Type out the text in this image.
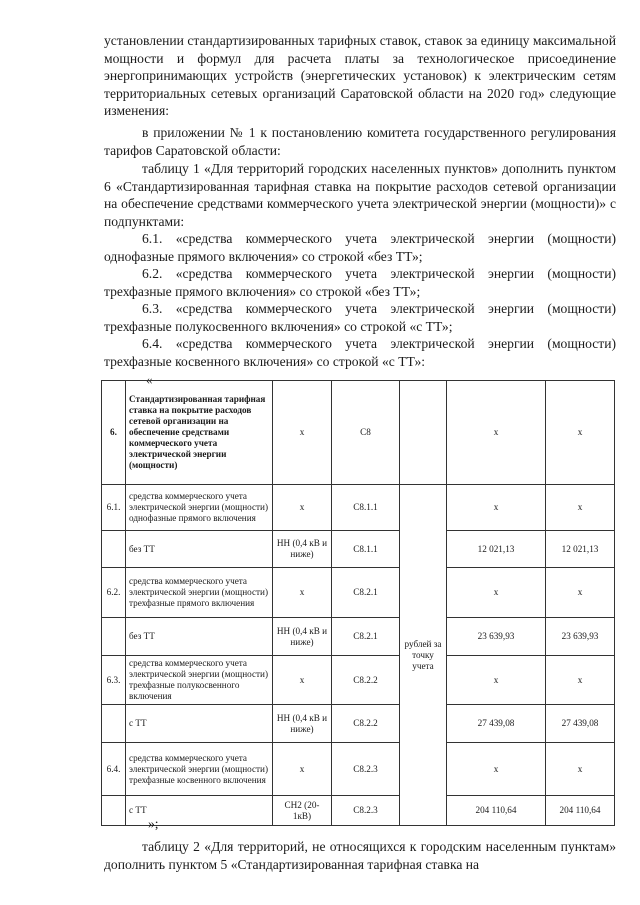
установлении стандартизированных тарифных ставок, ставок за единицу максимальной мощности и формул для расчета платы за технологическое присоединение энергопринимающих устройств (энергетических установок) к электрическим сетям территориальных сетевых организаций Саратовской области на 2020 год» следующие изменения:

в приложении № 1 к постановлению комитета государственного регулирования тарифов Саратовской области:

таблицу 1 «Для территорий городских населенных пунктов» дополнить пунктом 6 «Стандартизированная тарифная ставка на покрытие расходов сетевой организации на обеспечение средствами коммерческого учета электрической энергии (мощности)» с подпунктами:

6.1. «средства коммерческого учета электрической энергии (мощности) однофазные прямого включения» со строкой «без ТТ»;

6.2. «средства коммерческого учета электрической энергии (мощности) трехфазные прямого включения» со строкой «без ТТ»;

6.3. «средства коммерческого учета электрической энергии (мощности) трехфазные полукосвенного включения» со строкой «с ТТ»;

6.4. «средства коммерческого учета электрической энергии (мощности) трехфазные косвенного включения» со строкой «с ТТ»:

«
6.	Стандартизированная тарифная ставка на покрытие расходов сетевой организации на обеспечение средствами коммерческого учета электрической энергии (мощности)	x	C8		x	x
6.1.	средства коммерческого учета электрической энергии (мощности) однофазные прямого включения	x	C8.1.1	рублей за точку учета	x	x
	без ТТ	НН (0,4 кВ и ниже)	C8.1.1		12 021,13	12 021,13
6.2.	средства коммерческого учета электрической энергии (мощности) трехфазные прямого включения	x	C8.2.1		x	x
	без ТТ	НН (0,4 кВ и ниже)	C8.2.1		23 639,93	23 639,93
6.3.	средства коммерческого учета электрической энергии (мощности) трехфазные полукосвенного включения	x	C8.2.2		x	x
	с ТТ	НН (0,4 кВ и ниже)	C8.2.2		27 439,08	27 439,08
6.4.	средства коммерческого учета электрической энергии (мощности) трехфазные косвенного включения	x	C8.2.3		x	x
	с ТТ	СН2 (20-1кВ)	C8.2.3		204 110,64	204 110,64
»;

таблицу 2 «Для территорий, не относящихся к городским населенным пунктам» дополнить пунктом 5 «Стандартизированная тарифная ставка на
